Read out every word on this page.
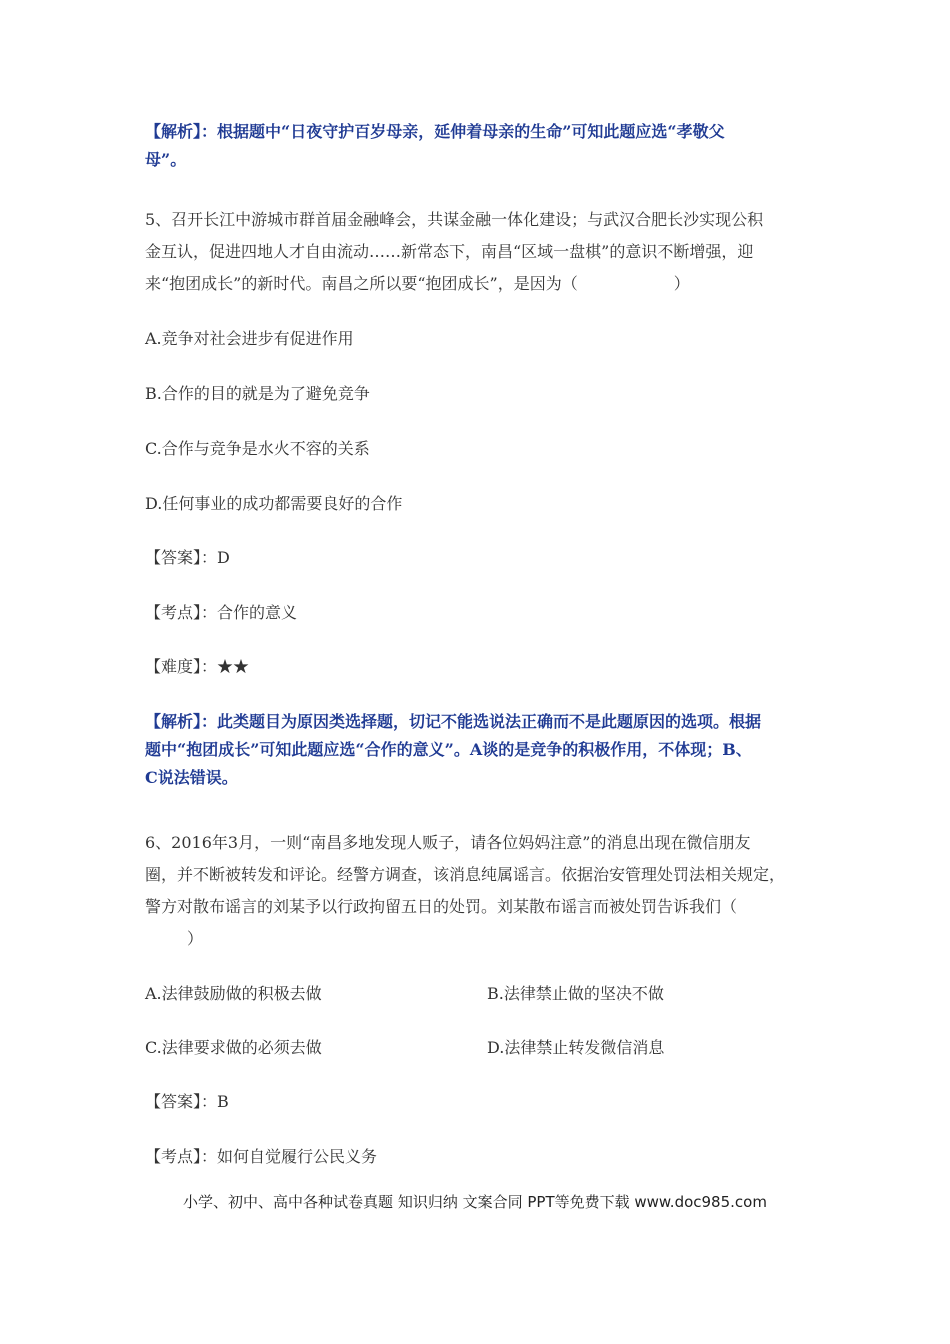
【解析】：根据题中“日夜守护百岁母亲，延伸着母亲的生命”可知此题应选“孝敬父
母”。
5、召开长江中游城市群首届金融峰会，共谋金融一体化建设；与武汉合肥长沙实现公积
金互认，促进四地人才自由流动……新常态下，南昌“区域一盘棋”的意识不断增强，迎
来“抱团成长”的新时代。南昌之所以要“抱团成长”，是因为（　　　　　　）
A.竞争对社会进步有促进作用
B.合作的目的就是为了避免竞争
C.合作与竞争是水火不容的关系
D.任何事业的成功都需要良好的合作
【答案】：D
【考点】：合作的意义
【难度】：★★
【解析】：此类题目为原因类选择题，切记不能选说法正确而不是此题原因的选项。根据
题中“抱团成长”可知此题应选“合作的意义”。A谈的是竞争的积极作用，不体现；B、
C说法错误。
6、2016年3月，一则“南昌多地发现人贩子，请各位妈妈注意”的消息出现在微信朋友
圈，并不断被转发和评论。经警方调查，该消息纯属谣言。依据治安管理处罚法相关规定，
警方对散布谣言的刘某予以行政拘留五日的处罚。刘某散布谣言而被处罚告诉我们（
）
A.法律鼓励做的积极去做	B.法律禁止做的坚决不做
C.法律要求做的必须去做	D.法律禁止转发微信消息
【答案】：B
【考点】：如何自觉履行公民义务
小学、初中、高中各种试卷真题 知识归纳 文案合同 PPT等免费下载 www.doc985.com
